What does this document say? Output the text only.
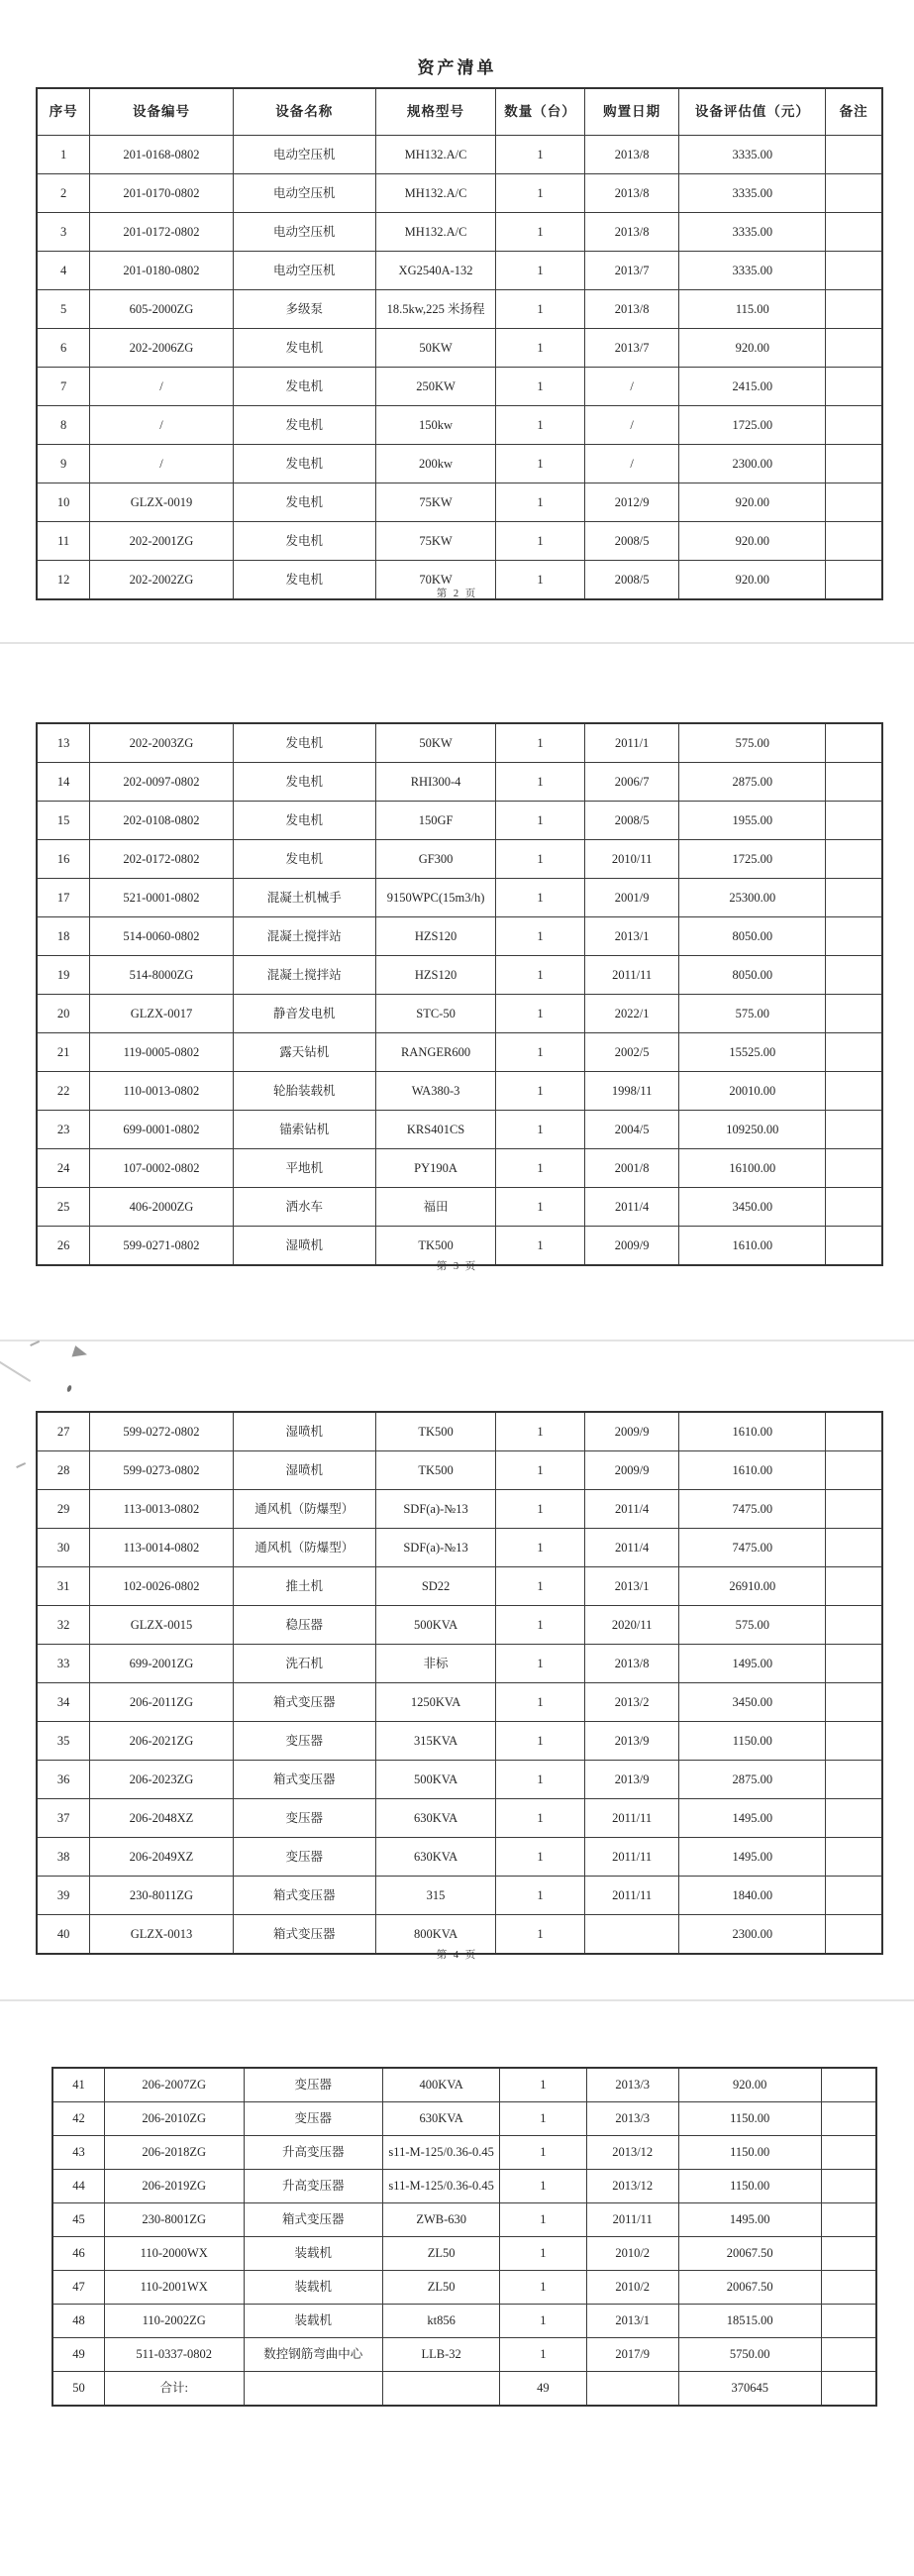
资产清单
序号	设备编号	设备名称	规格型号	数量（台）	购置日期	设备评估值（元）	备注
1	201-0168-0802	电动空压机	MH132.A/C	1	2013/8	3335.00	
2	201-0170-0802	电动空压机	MH132.A/C	1	2013/8	3335.00	
3	201-0172-0802	电动空压机	MH132.A/C	1	2013/8	3335.00	
4	201-0180-0802	电动空压机	XG2540A-132	1	2013/7	3335.00	
5	605-2000ZG	多级泵	18.5kw,225 米扬程	1	2013/8	115.00	
6	202-2006ZG	发电机	50KW	1	2013/7	920.00	
7	/	发电机	250KW	1	/	2415.00	
8	/	发电机	150kw	1	/	1725.00	
9	/	发电机	200kw	1	/	2300.00	
10	GLZX-0019	发电机	75KW	1	2012/9	920.00	
11	202-2001ZG	发电机	75KW	1	2008/5	920.00	
12	202-2002ZG	发电机	70KW	1	2008/5	920.00	
第 2 页
13	202-2003ZG	发电机	50KW	1	2011/1	575.00	
14	202-0097-0802	发电机	RHI300-4	1	2006/7	2875.00	
15	202-0108-0802	发电机	150GF	1	2008/5	1955.00	
16	202-0172-0802	发电机	GF300	1	2010/11	1725.00	
17	521-0001-0802	混凝土机械手	9150WPC(15m3/h)	1	2001/9	25300.00	
18	514-0060-0802	混凝土搅拌站	HZS120	1	2013/1	8050.00	
19	514-8000ZG	混凝土搅拌站	HZS120	1	2011/11	8050.00	
20	GLZX-0017	静音发电机	STC-50	1	2022/1	575.00	
21	119-0005-0802	露天钻机	RANGER600	1	2002/5	15525.00	
22	110-0013-0802	轮胎装载机	WA380-3	1	1998/11	20010.00	
23	699-0001-0802	锚索钻机	KRS401CS	1	2004/5	109250.00	
24	107-0002-0802	平地机	PY190A	1	2001/8	16100.00	
25	406-2000ZG	洒水车	福田	1	2011/4	3450.00	
26	599-0271-0802	湿喷机	TK500	1	2009/9	1610.00	
第 3 页
27	599-0272-0802	湿喷机	TK500	1	2009/9	1610.00	
28	599-0273-0802	湿喷机	TK500	1	2009/9	1610.00	
29	113-0013-0802	通风机（防爆型）	SDF(a)-№13	1	2011/4	7475.00	
30	113-0014-0802	通风机（防爆型）	SDF(a)-№13	1	2011/4	7475.00	
31	102-0026-0802	推土机	SD22	1	2013/1	26910.00	
32	GLZX-0015	稳压器	500KVA	1	2020/11	575.00	
33	699-2001ZG	洗石机	非标	1	2013/8	1495.00	
34	206-2011ZG	箱式变压器	1250KVA	1	2013/2	3450.00	
35	206-2021ZG	变压器	315KVA	1	2013/9	1150.00	
36	206-2023ZG	箱式变压器	500KVA	1	2013/9	2875.00	
37	206-2048XZ	变压器	630KVA	1	2011/11	1495.00	
38	206-2049XZ	变压器	630KVA	1	2011/11	1495.00	
39	230-8011ZG	箱式变压器	315	1	2011/11	1840.00	
40	GLZX-0013	箱式变压器	800KVA	1		2300.00	
第 4 页
41	206-2007ZG	变压器	400KVA	1	2013/3	920.00	
42	206-2010ZG	变压器	630KVA	1	2013/3	1150.00	
43	206-2018ZG	升高变压器	s11-M-125/0.36-0.45	1	2013/12	1150.00	
44	206-2019ZG	升高变压器	s11-M-125/0.36-0.45	1	2013/12	1150.00	
45	230-8001ZG	箱式变压器	ZWB-630	1	2011/11	1495.00	
46	110-2000WX	装载机	ZL50	1	2010/2	20067.50	
47	110-2001WX	装载机	ZL50	1	2010/2	20067.50	
48	110-2002ZG	装载机	kt856	1	2013/1	18515.00	
49	511-0337-0802	数控钢筋弯曲中心	LLB-32	1	2017/9	5750.00	
50	合计:			49		370645	
